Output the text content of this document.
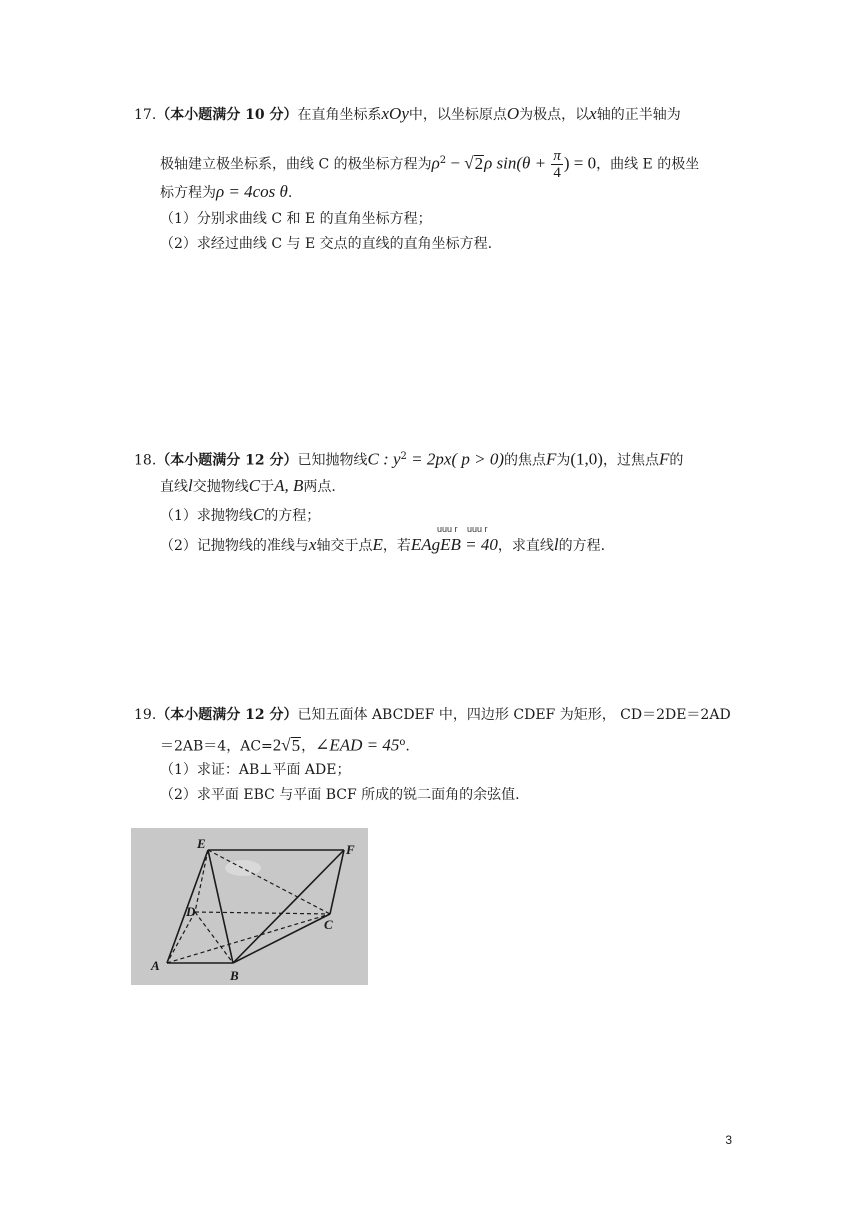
17.（本小题满分 10 分）在直角坐标系xOy中，以坐标原点O为极点，以x轴的正半轴为
极轴建立极坐标系，曲线 C 的极坐标方程为$\rho^2 - √2\rho$ $\sin(\theta + \frac{\pi}{4}$ ) = 0，曲线 E 的极坐
标方程为ρ = 4cos θ.
（1）分别求曲线 C 和 E 的直角坐标方程；
（2）求经过曲线 C 与 E 交点的直线的直角坐标方程.
18.（本小题满分 12 分）已知抛物线C : $y^2 = 2px$( p > 0)的焦点F为(1,0)，过焦点F的
直线l交抛物线C于A, B两点.
（1）求抛物线C的方程；
uuu r uuu r
（2）记抛物线的准线与x轴交于点E，若EAgEB = 40，求直线l的方程.
19.（本小题满分 12 分）已知五面体 ABCDEF 中，四边形 CDEF 为矩形， CD＝2DE＝2AD
＝2AB＝4，AC=2√5，∠EAD = $45^o$.
（1）求证：AB⊥平面 ADE；
（2）求平面 EBC 与平面 BCF 所成的锐二面角的余弦值.
E	F
D
C
A
B
3
